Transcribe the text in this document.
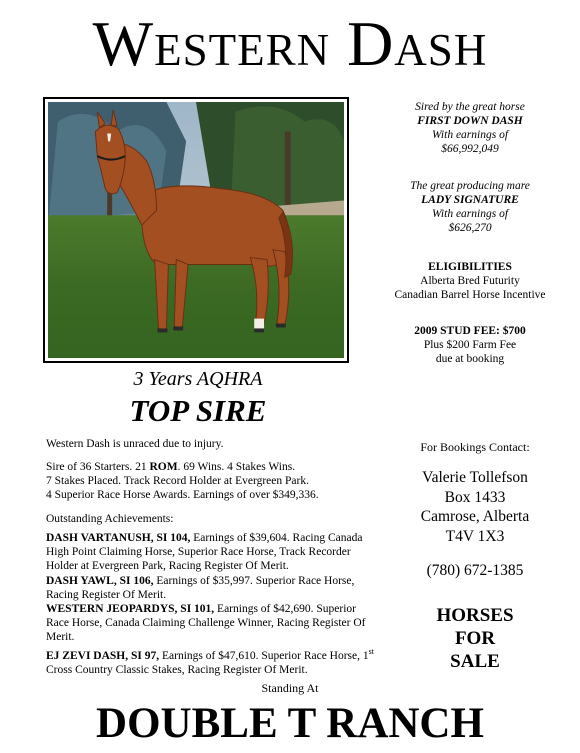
Western Dash
Sired by the great horse
FIRST DOWN DASH
With earnings of
$66,992,049
The great producing mare
LADY SIGNATURE
With earnings of
$626,270
ELIGIBILITIES
Alberta Bred Futurity
Canadian Barrel Horse Incentive
2009 STUD FEE: $700
Plus $200 Farm Fee
due at booking
3 Years AQHRA
TOP SIRE
Western Dash is unraced due to injury.
Sire of 36 Starters. 21 ROM. 69 Wins. 4 Stakes Wins.
7 Stakes Placed. Track Record Holder at Evergreen Park.
4 Superior Race Horse Awards. Earnings of over $349,336.
Outstanding Achievements:
DASH VARTANUSH, SI 104, Earnings of $39,604. Racing Canada High Point Claiming Horse, Superior Race Horse, Track Recorder Holder at Evergreen Park, Racing Register Of Merit.
DASH YAWL, SI 106, Earnings of $35,997. Superior Race Horse, Racing Register Of Merit.
WESTERN JEOPARDYS, SI 101, Earnings of $42,690. Superior Race Horse, Canada Claiming Challenge Winner, Racing Register Of Merit.
EJ ZEVI DASH, SI 97, Earnings of $47,610. Superior Race Horse, 1st Cross Country Classic Stakes, Racing Register Of Merit.
For Bookings Contact:
Valerie Tollefson
Box 1433
Camrose, Alberta
T4V 1X3
(780) 672-1385
HORSES
FOR
SALE
Standing At
DOUBLE T RANCH
